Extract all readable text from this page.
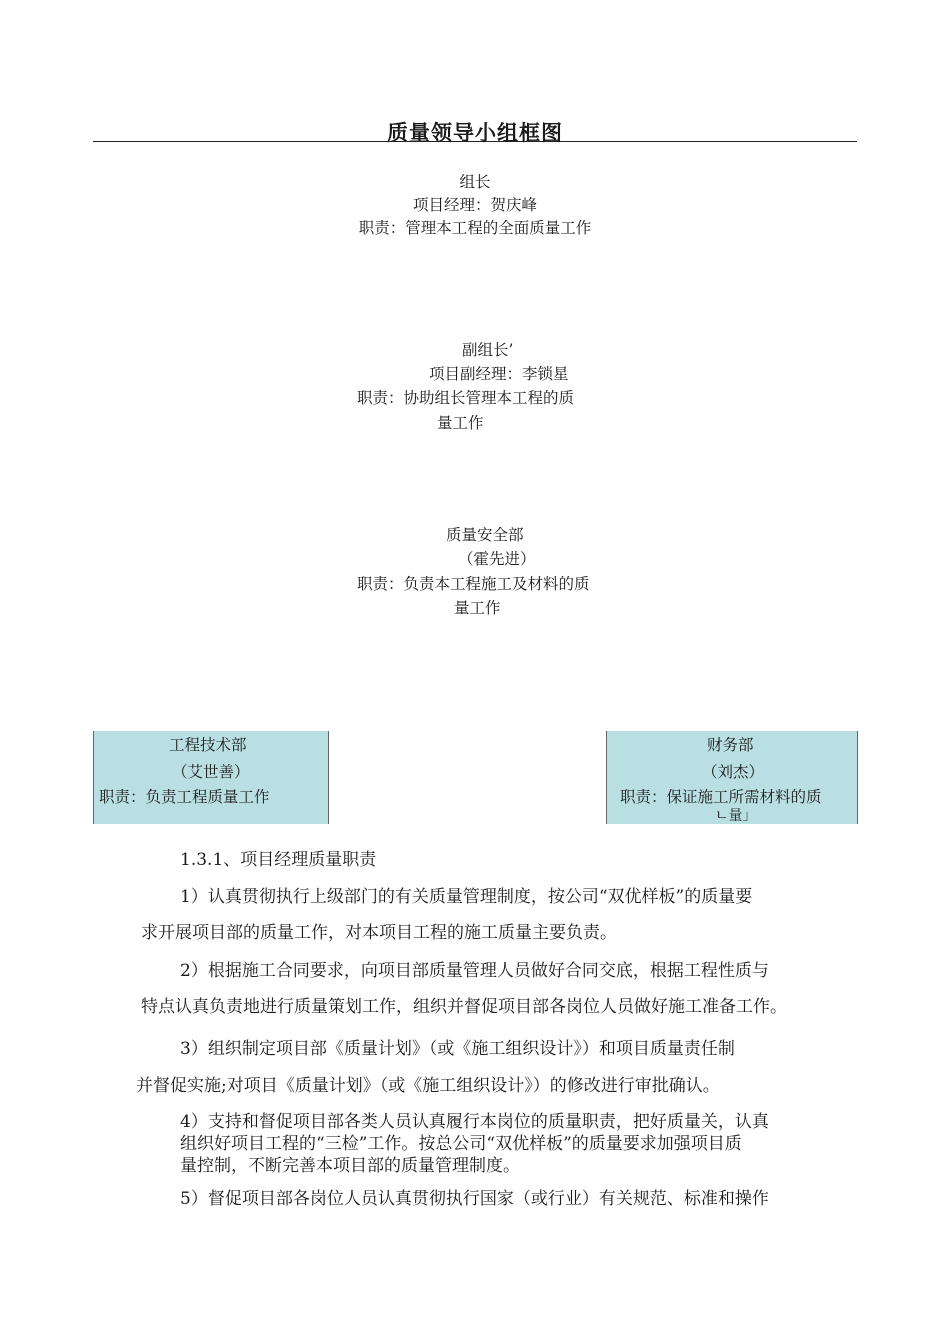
质量领导小组框图
组长
项目经理：贺庆峰
职责：管理本工程的全面质量工作
副组长’
项目副经理：李锁星
职责：协助组长管理本工程的质
量工作
质量安全部
（霍先进）
职责：负责本工程施工及材料的质
量工作
工程技术部
（艾世善）
职责：负责工程质量工作
财务部
（刘杰）
职责：保证施工所需材料的质
ㄴ量」
1.3.1、项目经理质量职责
1）认真贯彻执行上级部门的有关质量管理制度，按公司“双优样板”的质量要
求开展项目部的质量工作，对本项目工程的施工质量主要负责。
2）根据施工合同要求，向项目部质量管理人员做好合同交底，根据工程性质与
特点认真负责地进行质量策划工作，组织并督促项目部各岗位人员做好施工准备工作。
3）组织制定项目部《质量计划》（或《施工组织设计》）和项目质量责任制
并督促实施;对项目《质量计划》（或《施工组织设计》）的修改进行审批确认。
4）支持和督促项目部各类人员认真履行本岗位的质量职责，把好质量关，认真
组织好项目工程的“三检”工作。按总公司“双优样板”的质量要求加强项目质
量控制，不断完善本项目部的质量管理制度。
5）督促项目部各岗位人员认真贯彻执行国家（或行业）有关规范、标准和操作
